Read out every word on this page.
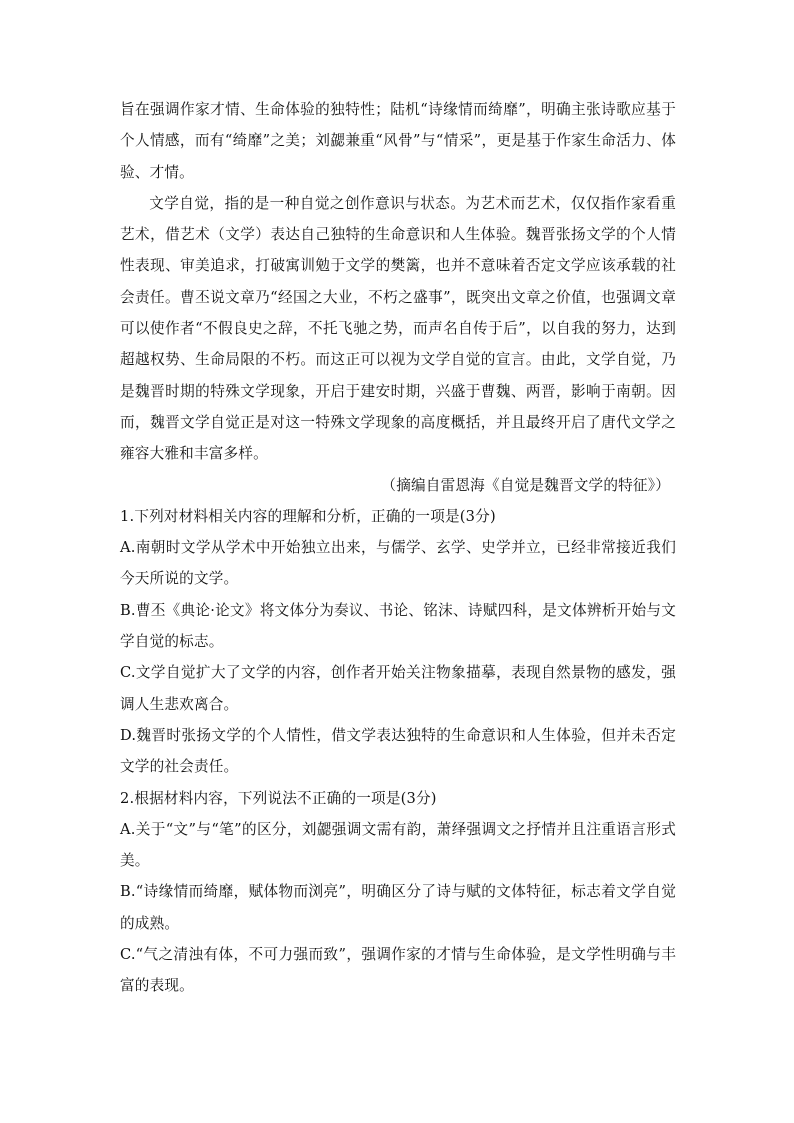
旨在强调作家才情、生命体验的独特性；陆机“诗缘情而绮靡”，明确主张诗歌应基于个人情感，而有“绮靡”之美；刘勰兼重“风骨”与“情采”，更是基于作家生命活力、体验、才情。

文学自觉，指的是一种自觉之创作意识与状态。为艺术而艺术，仅仅指作家看重艺术，借艺术（文学）表达自己独特的生命意识和人生体验。魏晋张扬文学的个人情性表现、审美追求，打破寓训勉于文学的樊篱，也并不意味着否定文学应该承载的社会责任。曹丕说文章乃“经国之大业，不朽之盛事”，既突出文章之价值，也强调文章可以使作者“不假良史之辞，不托飞驰之势，而声名自传于后”，以自我的努力，达到超越权势、生命局限的不朽。而这正可以视为文学自觉的宣言。由此，文学自觉，乃是魏晋时期的特殊文学现象，开启于建安时期，兴盛于曹魏、两晋，影响于南朝。因而，魏晋文学自觉正是对这一特殊文学现象的高度概括，并且最终开启了唐代文学之雍容大雅和丰富多样。

（摘编自雷恩海《自觉是魏晋文学的特征》）

1.下列对材料相关内容的理解和分析，正确的一项是(3分)

A.南朝时文学从学术中开始独立出来，与儒学、玄学、史学并立，已经非常接近我们今天所说的文学。

B.曹丕《典论·论文》将文体分为奏议、书论、铭沫、诗赋四科，是文体辨析开始与文学自觉的标志。

C.文学自觉扩大了文学的内容，创作者开始关注物象描摹，表现自然景物的感发，强调人生悲欢离合。

D.魏晋时张扬文学的个人情性，借文学表达独特的生命意识和人生体验，但并未否定文学的社会责任。

2.根据材料内容，下列说法不正确的一项是(3分)

A.关于“文”与“笔”的区分，刘勰强调文需有韵，萧绎强调文之抒情并且注重语言形式美。

B.“诗缘情而绮靡，赋体物而浏亮”，明确区分了诗与赋的文体特征，标志着文学自觉的成熟。

C.“气之清浊有体，不可力强而致”，强调作家的才情与生命体验，是文学性明确与丰富的表现。
